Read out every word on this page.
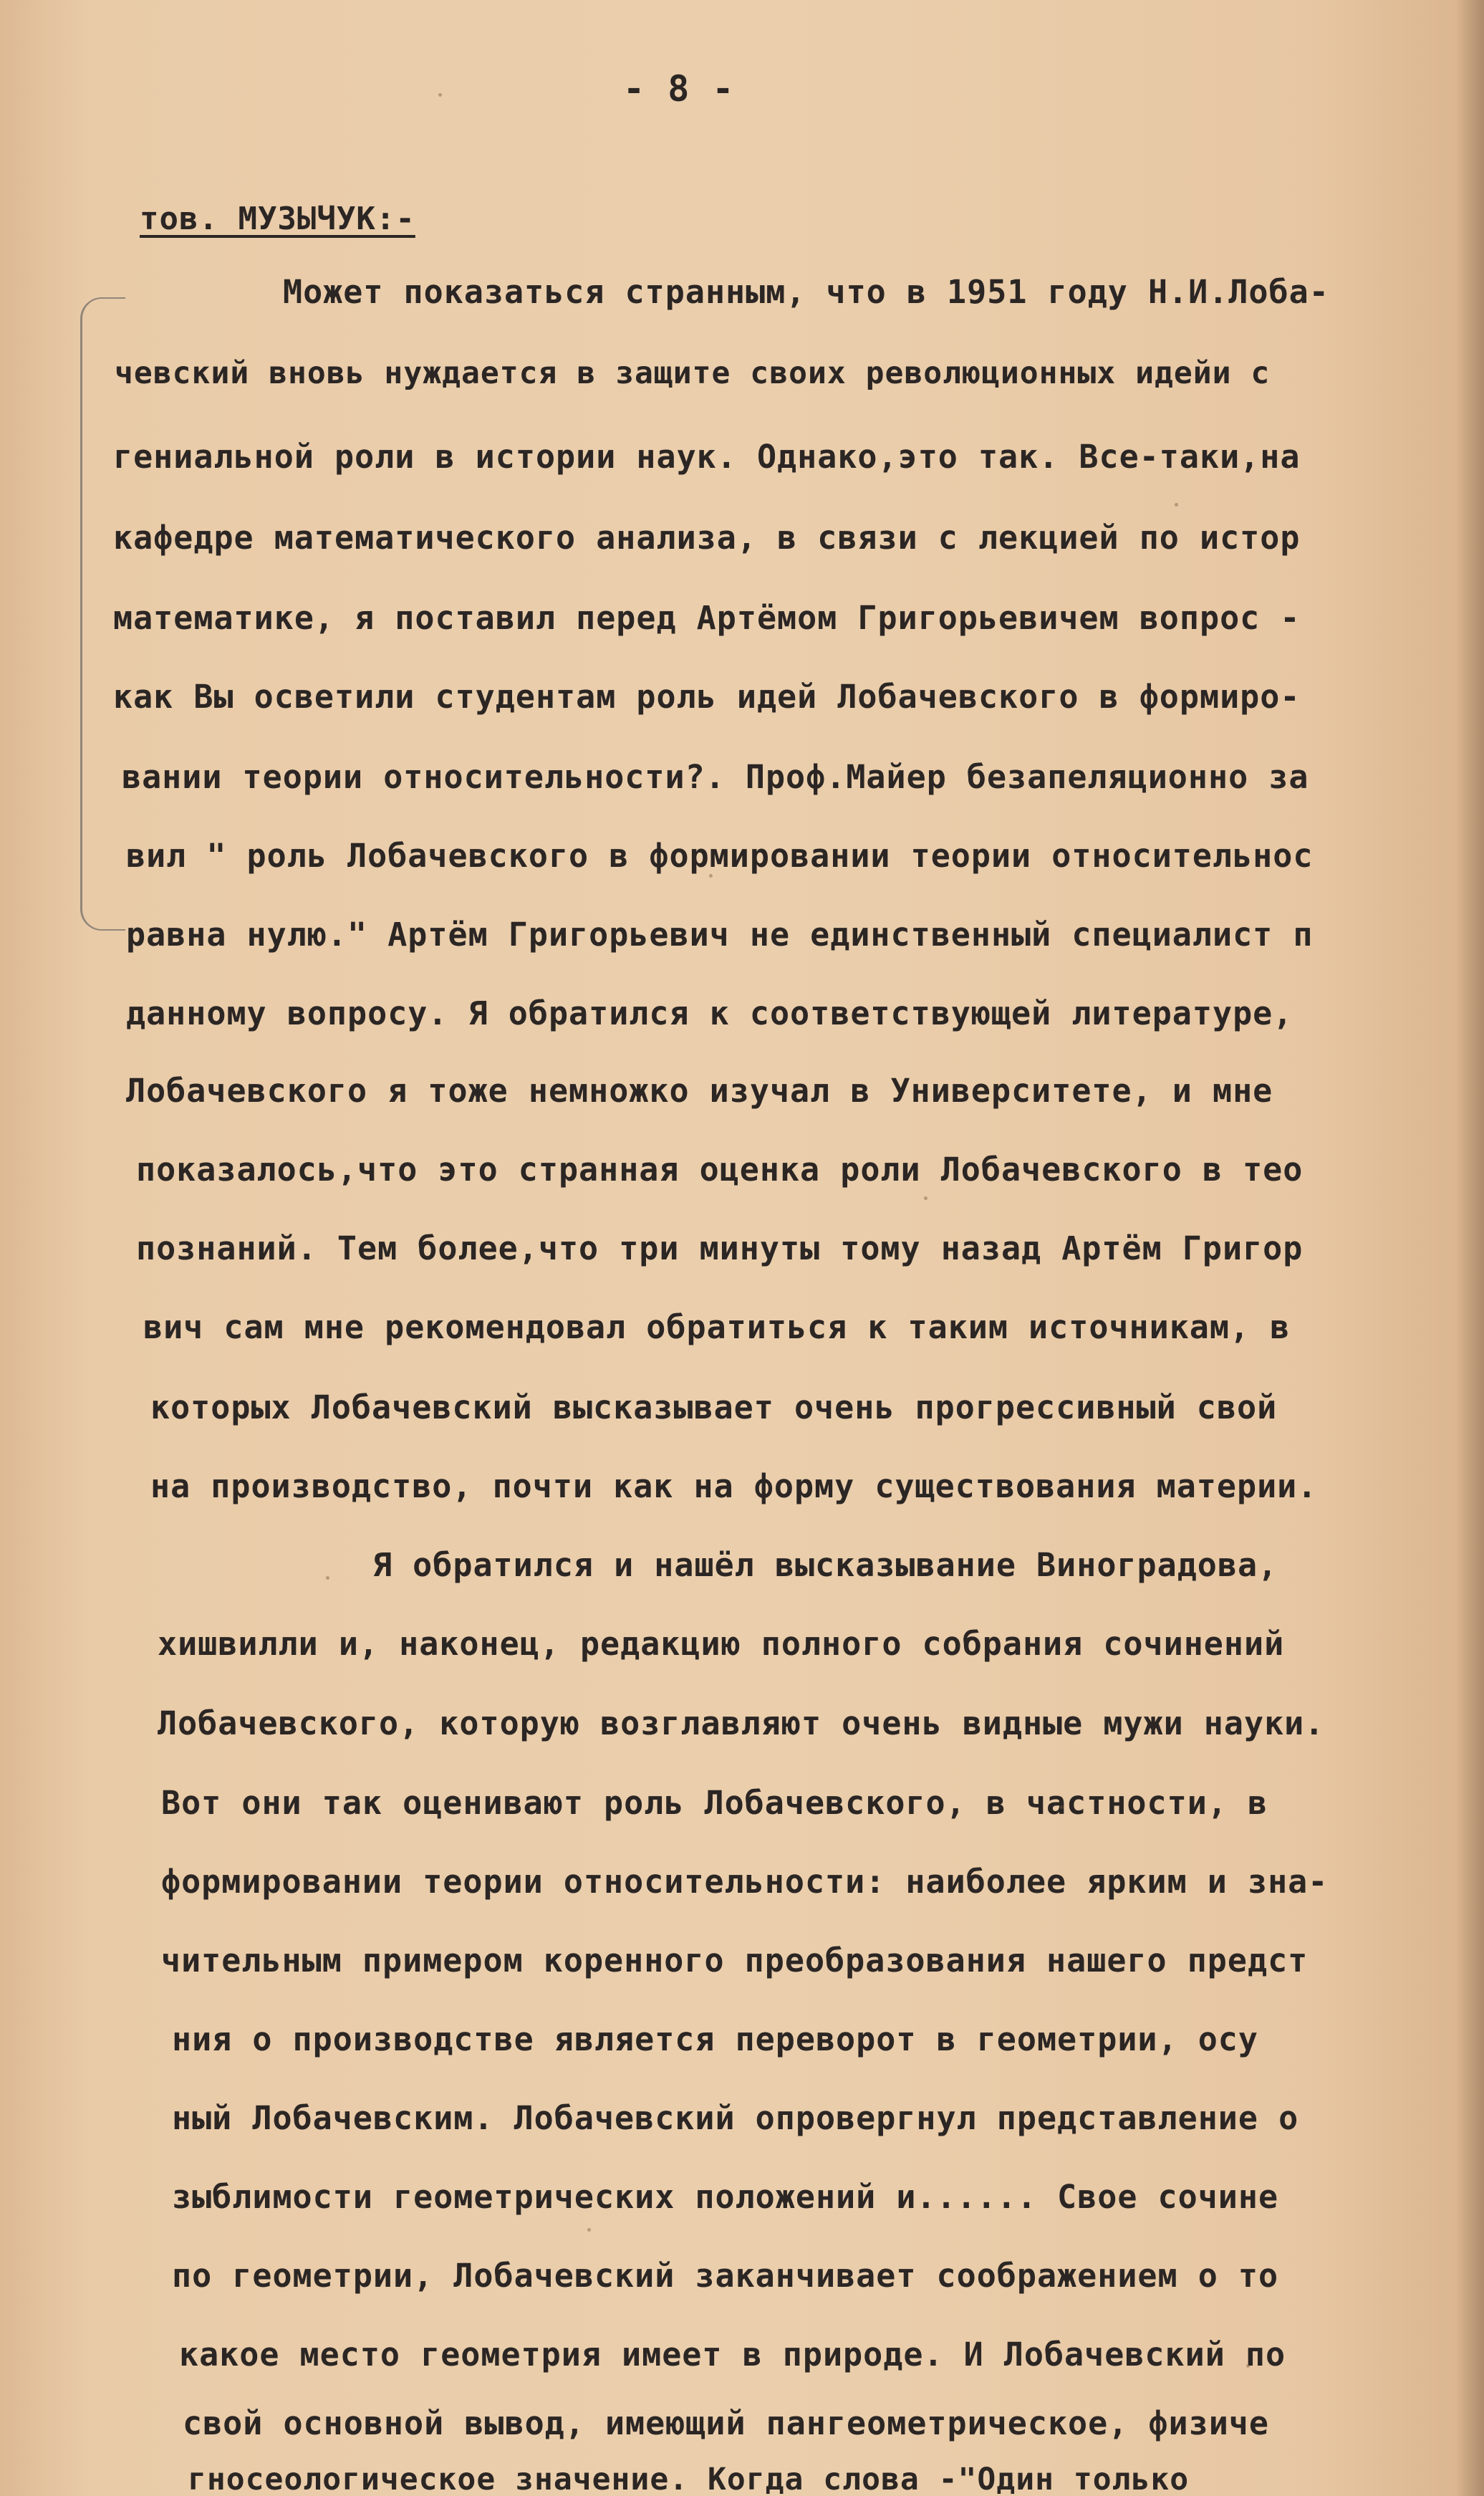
- 8 -
тов. МУЗЫЧУК:-
Может показаться странным, что в 1951 году Н.И.Лоба-
чевский вновь нуждается в защите своих революционных идейи с
гениальной роли в истории наук. Однако,это так. Все-таки,на
кафедре математического анализа, в связи с лекцией по истор
математике, я поставил перед Артёмом Григорьевичем вопрос -
как Вы осветили студентам роль идей Лобачевского в формиро-
вании теории относительности?. Проф.Майер безапеляционно за
вил " роль Лобачевского в формировании теории относительнос
равна нулю." Артём Григорьевич не единственный специалист п
данному вопросу. Я обратился к соответствующей литературе,
Лобачевского я тоже немножко изучал в Университете, и мне
показалось,что это странная оценка роли Лобачевского в тео
познаний. Тем более,что три минуты тому назад Артём Григор
вич сам мне рекомендовал обратиться к таким источникам, в
которых Лобачевский высказывает очень прогрессивный свой
на производство, почти как на форму существования материи.
Я обратился и нашёл высказывание Виноградова,
хишвилли и, наконец, редакцию полного собрания сочинений
Лобачевского, которую возглавляют очень видные мужи науки.
Вот они так оценивают роль Лобачевского, в частности, в
формировании теории относительности: наиболее ярким и зна-
чительным примером коренного преобразования нашего предст
ния о производстве является переворот в геометрии, осу
ный Лобачевским. Лобачевский опровергнул представление о
зыблимости геометрических положений и...... Свое сочине
по геометрии, Лобачевский заканчивает соображением о то
какое место геометрия имеет в природе. И Лобачевский по
свой основной вывод, имеющий пангеометрическое, физиче
гносеологическое значение. Когда слова -"Один только
